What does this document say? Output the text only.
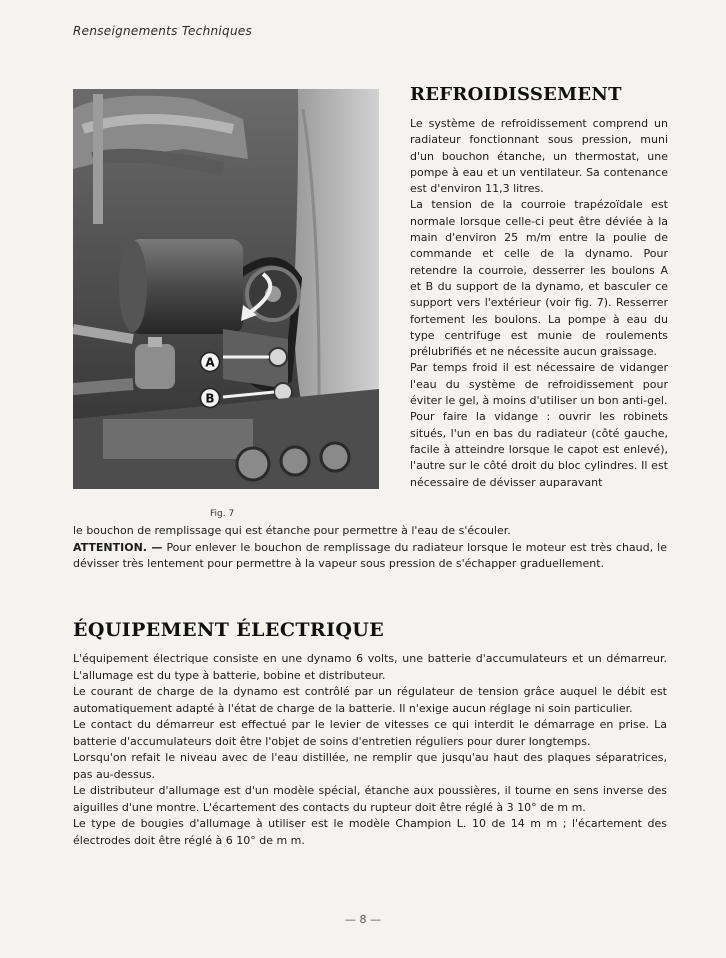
Renseignements Techniques
A
B
Fig. 7
REFROIDISSEMENT

Le système de refroidissement comprend un radiateur fonctionnant sous pression, muni d'un bouchon étanche, un thermostat, une pompe à eau et un ventilateur. Sa contenance est d'environ 11,3 litres.

La tension de la courroie trapézoïdale est normale lorsque celle-ci peut être déviée à la main d'environ 25 m/m entre la poulie de commande et celle de la dynamo. Pour retendre la courroie, desserrer les boulons A et B du support de la dynamo, et basculer ce support vers l'extérieur (voir fig. 7). Resserrer fortement les boulons. La pompe à eau du type centrifuge est munie de roulements prélubrifiés et ne nécessite aucun graissage.

Par temps froid il est nécessaire de vidanger l'eau du système de refroidissement pour éviter le gel, à moins d'utiliser un bon anti-gel.

Pour faire la vidange : ouvrir les robinets situés, l'un en bas du radiateur (côté gauche, facile à atteindre lorsque le capot est enlevé), l'autre sur le côté droit du bloc cylindres. Il est nécessaire de dévisser auparavant

le bouchon de remplissage qui est étanche pour permettre à l'eau de s'écouler.

ATTENTION. — Pour enlever le bouchon de remplissage du radiateur lorsque le moteur est très chaud, le dévisser très lentement pour permettre à la vapeur sous pression de s'échapper graduellement.

ÉQUIPEMENT ÉLECTRIQUE

L'équipement électrique consiste en une dynamo 6 volts, une batterie d'accumulateurs et un démarreur. L'allumage est du type à batterie, bobine et distributeur.

Le courant de charge de la dynamo est contrôlé par un régulateur de tension grâce auquel le débit est automatiquement adapté à l'état de charge de la batterie. Il n'exige aucun réglage ni soin particulier.

Le contact du démarreur est effectué par le levier de vitesses ce qui interdit le démarrage en prise. La batterie d'accumulateurs doit être l'objet de soins d'entretien réguliers pour durer longtemps.

Lorsqu'on refait le niveau avec de l'eau distillée, ne remplir que jusqu'au haut des plaques séparatrices, pas au-dessus.

Le distributeur d'allumage est d'un modèle spécial, étanche aux poussières, il tourne en sens inverse des aiguilles d'une montre. L'écartement des contacts du rupteur doit être réglé à 3 10° de m m.

Le type de bougies d'allumage à utiliser est le modèle Champion L. 10 de 14 m m ; l'écartement des électrodes doit être réglé à 6 10° de m m.

— 8 —
